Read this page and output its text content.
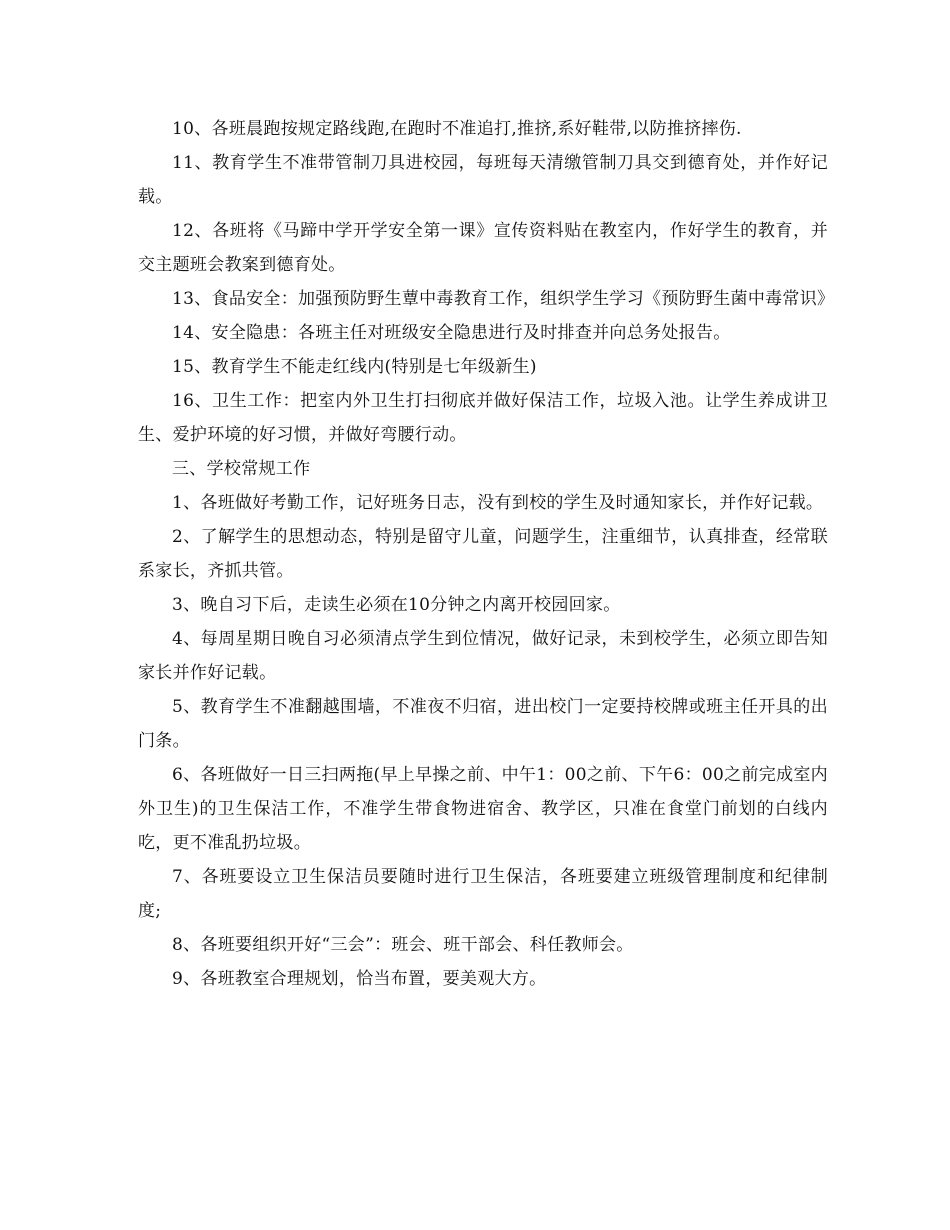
10、各班晨跑按规定路线跑,在跑时不准追打,推挤,系好鞋带,以防推挤摔伤.

11、教育学生不准带管制刀具进校园，每班每天清缴管制刀具交到德育处，并作好记载。

12、各班将《马蹄中学开学安全第一课》宣传资料贴在教室内，作好学生的教育，并交主题班会教案到德育处。

13、食品安全：加强预防野生蕈中毒教育工作，组织学生学习《预防野生菌中毒常识》

14、安全隐患：各班主任对班级安全隐患进行及时排查并向总务处报告。

15、教育学生不能走红线内(特别是七年级新生)

16、卫生工作：把室内外卫生打扫彻底并做好保洁工作，垃圾入池。让学生养成讲卫生、爱护环境的好习惯，并做好弯腰行动。

三、学校常规工作

1、各班做好考勤工作，记好班务日志，没有到校的学生及时通知家长，并作好记载。

2、了解学生的思想动态，特别是留守儿童，问题学生，注重细节，认真排查，经常联系家长，齐抓共管。

3、晚自习下后，走读生必须在10分钟之内离开校园回家。

4、每周星期日晚自习必须清点学生到位情况，做好记录，未到校学生，必须立即告知家长并作好记载。

5、教育学生不准翻越围墙，不准夜不归宿，进出校门一定要持校牌或班主任开具的出门条。

6、各班做好一日三扫两拖(早上早操之前、中午1：00之前、下午6：00之前完成室内外卫生)的卫生保洁工作，不准学生带食物进宿舍、教学区，只准在食堂门前划的白线内吃，更不准乱扔垃圾。

7、各班要设立卫生保洁员要随时进行卫生保洁，各班要建立班级管理制度和纪律制度;

8、各班要组织开好“三会”：班会、班干部会、科任教师会。

9、各班教室合理规划，恰当布置，要美观大方。
